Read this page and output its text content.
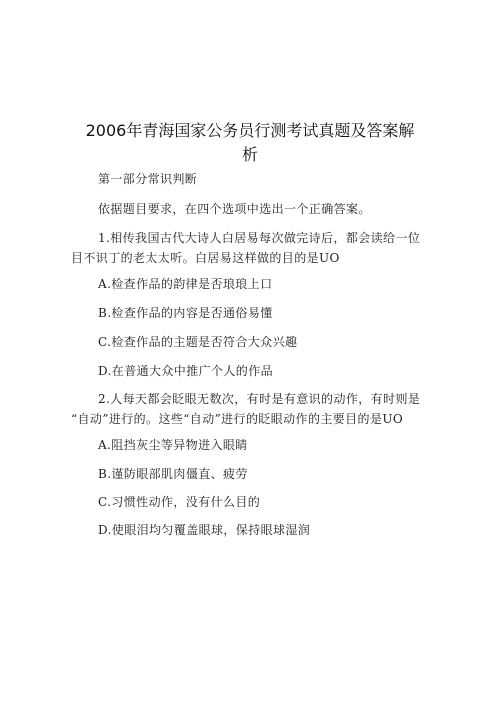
2006年青海国家公务员行测考试真题及答案解
析

第一部分常识判断

依据题目要求，在四个选项中选出一个正确答案。

1.相传我国古代大诗人白居易每次做完诗后，都会读给一位

目不识丁的老太太听。白居易这样做的目的是UO

A.检查作品的韵律是否琅琅上口

B.检查作品的内容是否通俗易懂

C.检查作品的主题是否符合大众兴趣

D.在普通大众中推广个人的作品

2.人每天都会眨眼无数次，有时是有意识的动作，有时则是

“自动”进行的。这些“自动”进行的眨眼动作的主要目的是UO

A.阻挡灰尘等异物进入眼睛

B.谨防眼部肌肉僵直、疲劳

C.习惯性动作，没有什么目的

D.使眼泪均匀覆盖眼球，保持眼球湿润
